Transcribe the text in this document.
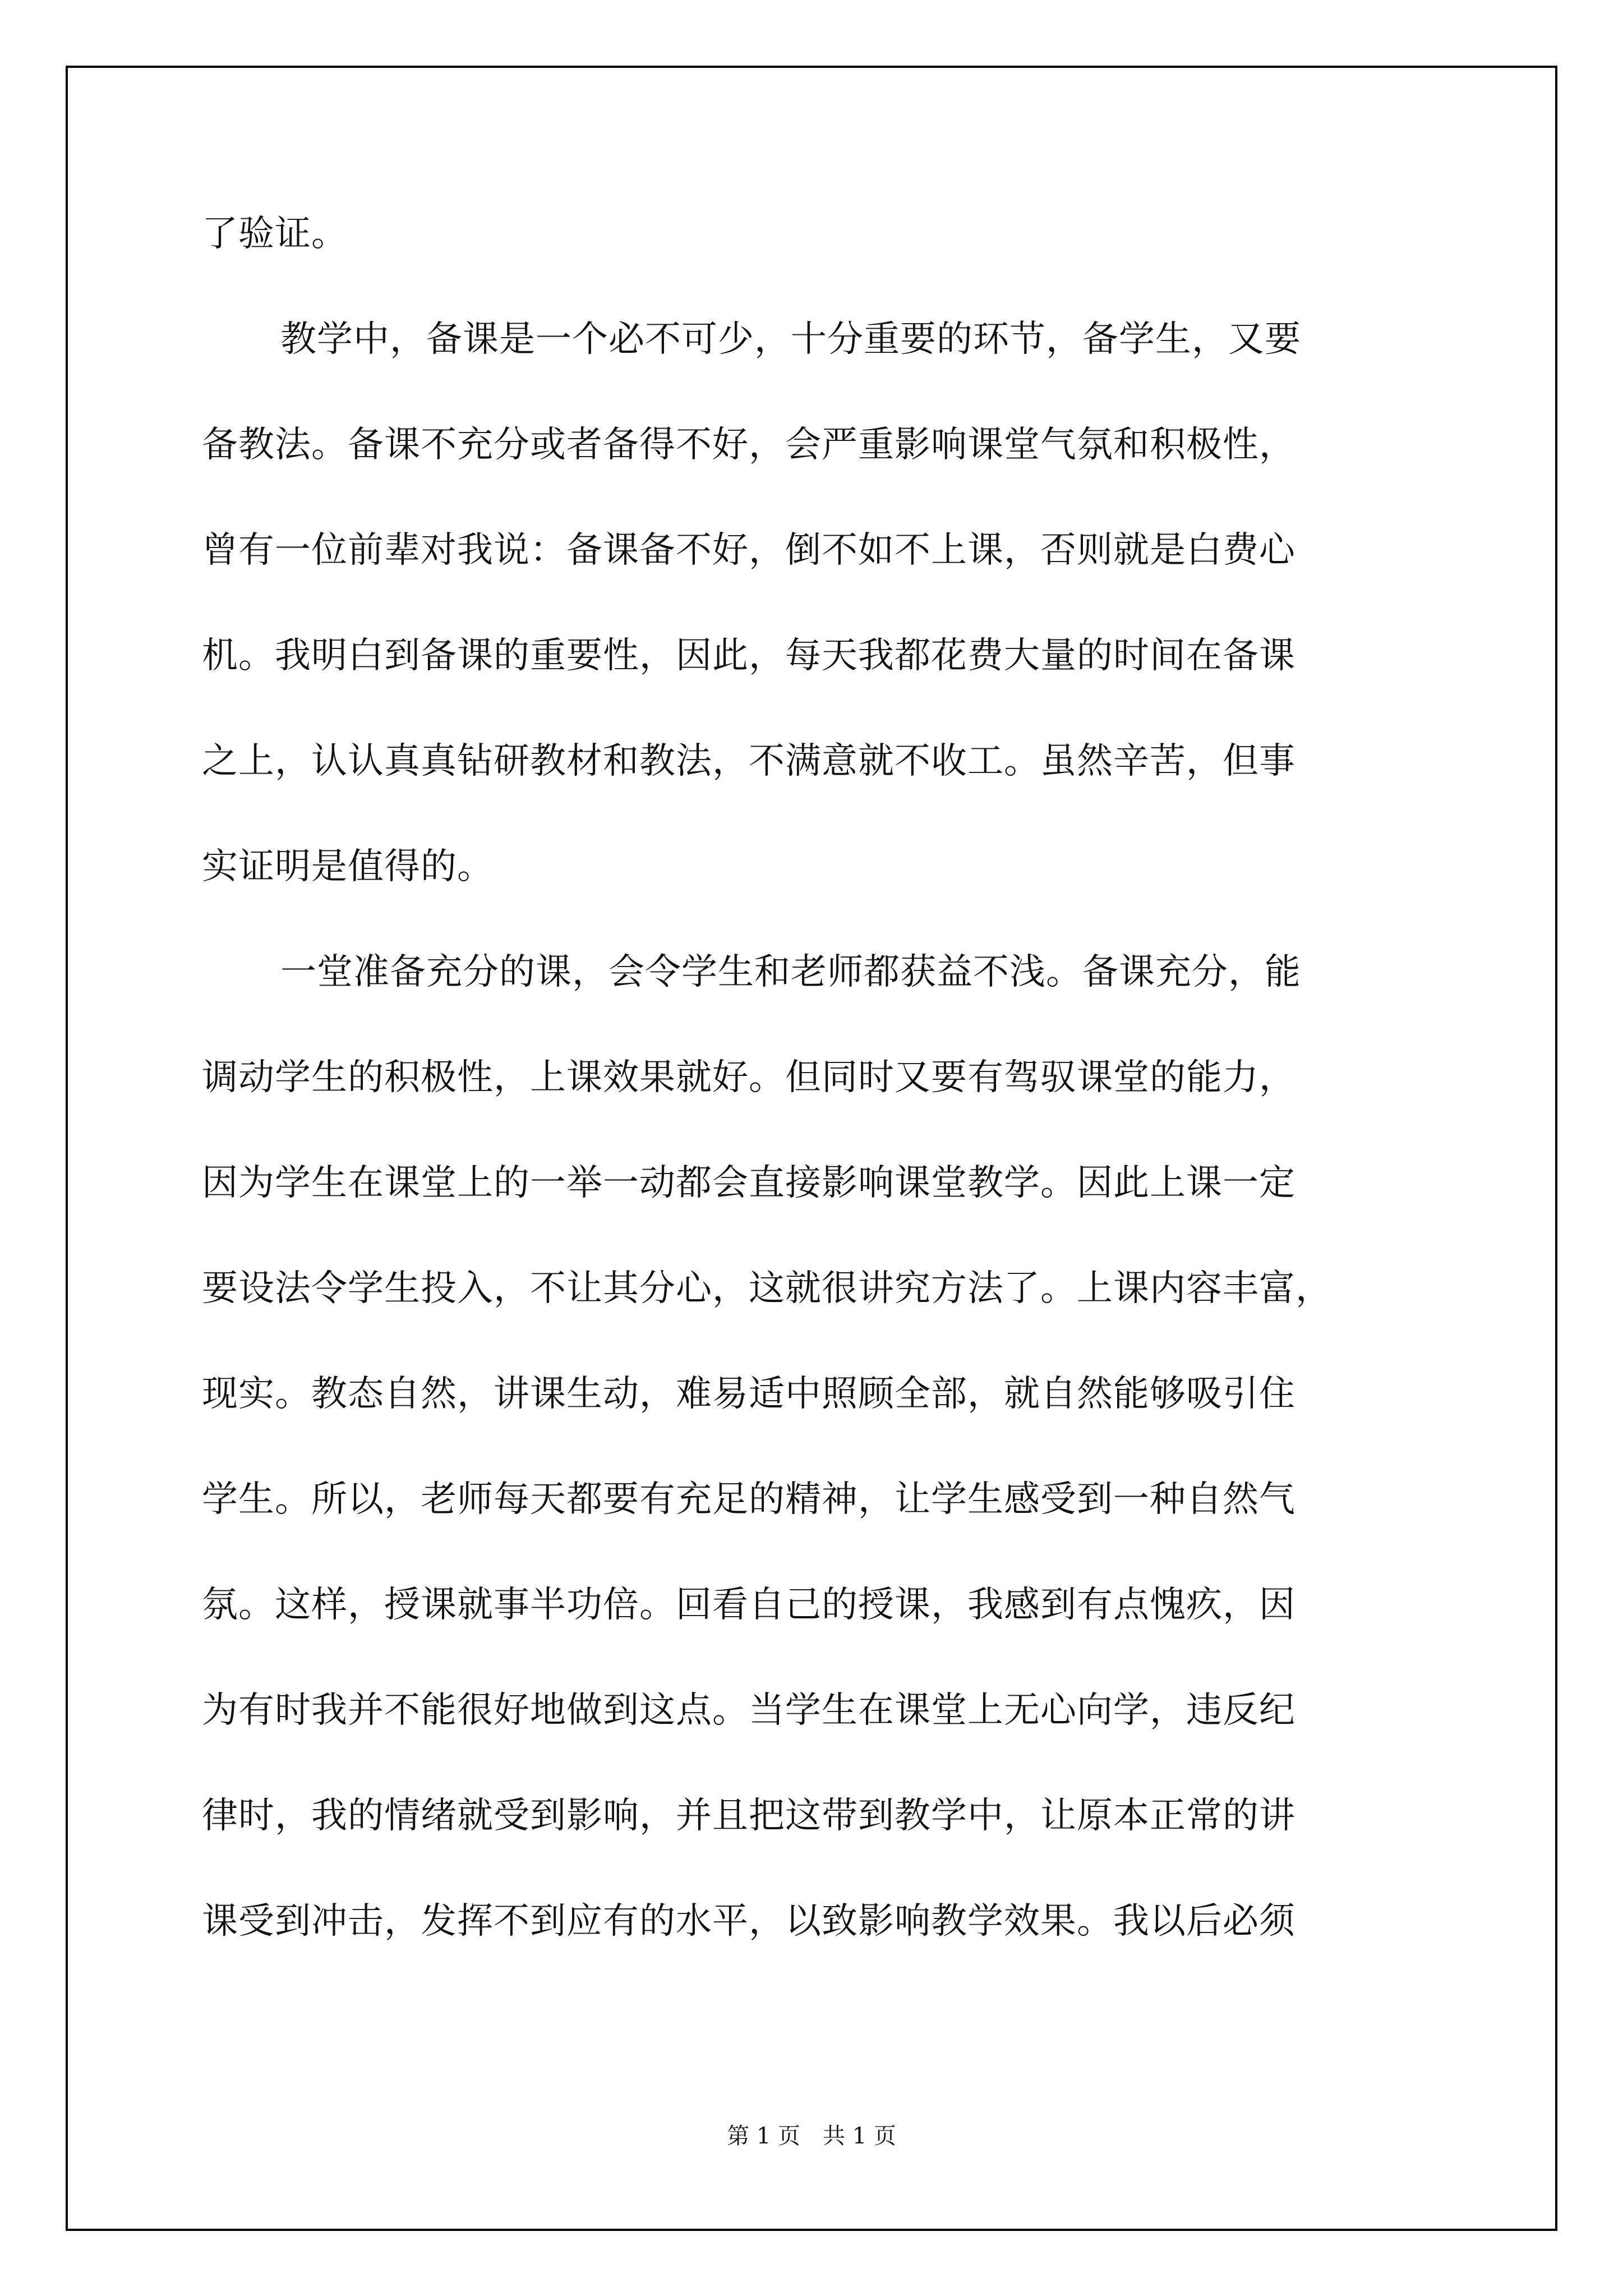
了验证。
教学中，备课是一个必不可少，十分重要的环节，备学生，又要
备教法。备课不充分或者备得不好，会严重影响课堂气氛和积极性，
曾有一位前辈对我说：备课备不好，倒不如不上课，否则就是白费心
机。我明白到备课的重要性，因此，每天我都花费大量的时间在备课
之上，认认真真钻研教材和教法，不满意就不收工。虽然辛苦，但事
实证明是值得的。
一堂准备充分的课，会令学生和老师都获益不浅。备课充分，能
调动学生的积极性，上课效果就好。但同时又要有驾驭课堂的能力，
因为学生在课堂上的一举一动都会直接影响课堂教学。因此上课一定
要设法令学生投入，不让其分心，这就很讲究方法了。上课内容丰富，
现实。教态自然，讲课生动，难易适中照顾全部，就自然能够吸引住
学生。所以，老师每天都要有充足的精神，让学生感受到一种自然气
氛。这样，授课就事半功倍。回看自己的授课，我感到有点愧疚，因
为有时我并不能很好地做到这点。当学生在课堂上无心向学，违反纪
律时，我的情绪就受到影响，并且把这带到教学中，让原本正常的讲
课受到冲击，发挥不到应有的水平，以致影响教学效果。我以后必须
第 1 页　共 1 页
